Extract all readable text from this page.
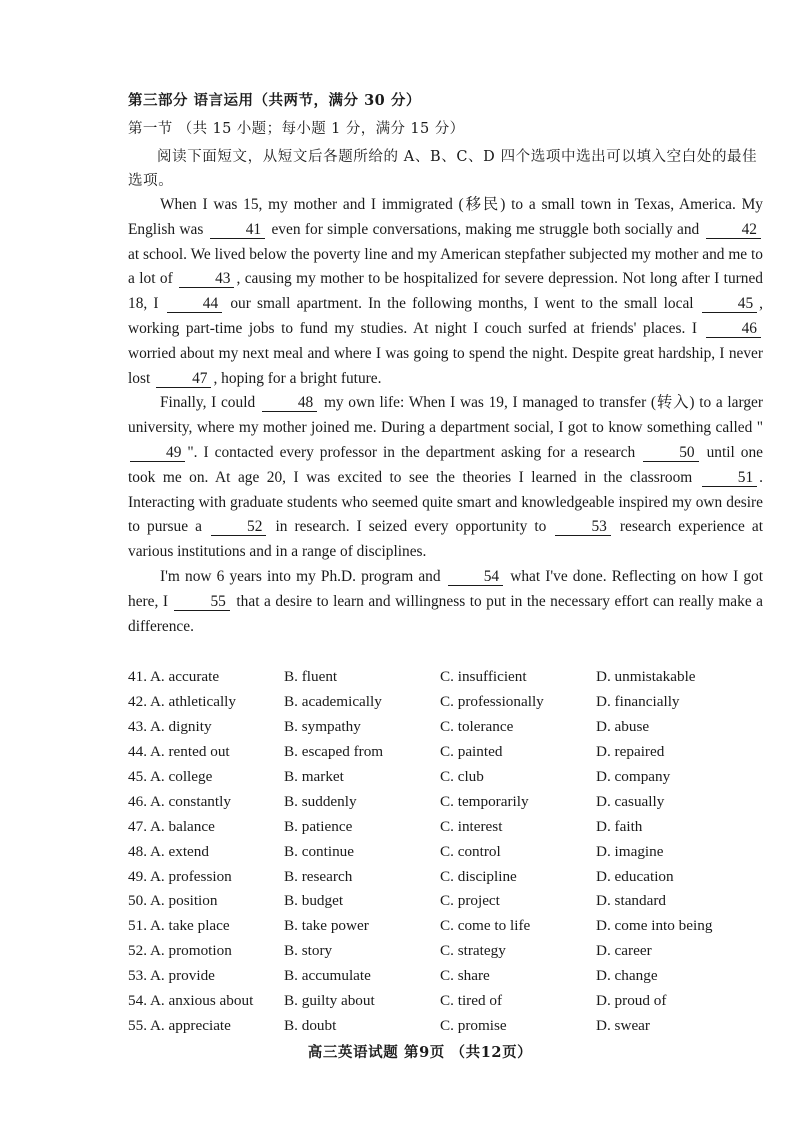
第三部分 语言运用（共两节，满分 30 分）
第一节 （共 15 小题；每小题 1 分，满分 15 分）
阅读下面短文，从短文后各题所给的 A、B、C、D 四个选项中选出可以填入空白处的最佳选项。

When I was 15, my mother and I immigrated (移民) to a small town in Texas, America. My English was 41 even for simple conversations, making me struggle both socially and 42 at school. We lived below the poverty line and my American stepfather subjected my mother and me to a lot of 43 , causing my mother to be hospitalized for severe depression. Not long after I turned 18, I 44 our small apartment. In the following months, I went to the small local 45 , working part-time jobs to fund my studies. At night I couch surfed at friends' places. I 46 worried about my next meal and where I was going to spend the night. Despite great hardship, I never lost 47 , hoping for a bright future.

Finally, I could 48 my own life: When I was 19, I managed to transfer (转入) to a larger university, where my mother joined me. During a department social, I got to know something called "49 ". I contacted every professor in the department asking for a research 50 until one took me on. At age 20, I was excited to see the theories I learned in the classroom 51 . Interacting with graduate students who seemed quite smart and knowledgeable inspired my own desire to pursue a 52 in research. I seized every opportunity to 53 research experience at various institutions and in a range of disciplines.

I'm now 6 years into my Ph.D. program and 54 what I've done. Reflecting on how I got here, I 55 that a desire to learn and willingness to put in the necessary effort can really make a difference.

41. A. accurate	B. fluent	C. insufficient	D. unmistakable
42. A. athletically	B. academically	C. professionally	D. financially
43. A. dignity	B. sympathy	C. tolerance	D. abuse
44. A. rented out	B. escaped from	C. painted	D. repaired
45. A. college	B. market	C. club	D. company
46. A. constantly	B. suddenly	C. temporarily	D. casually
47. A. balance	B. patience	C. interest	D. faith
48. A. extend	B. continue	C. control	D. imagine
49. A. profession	B. research	C. discipline	D. education
50. A. position	B. budget	C. project	D. standard
51. A. take place	B. take power	C. come to life	D. come into being
52. A. promotion	B. story	C. strategy	D. career
53. A. provide	B. accumulate	C. share	D. change
54. A. anxious about B. guilty about	C. tired of	D. proud of
55. A. appreciate	B. doubt	C. promise	D. swear
高三英语试题 第9页 （共12页）
